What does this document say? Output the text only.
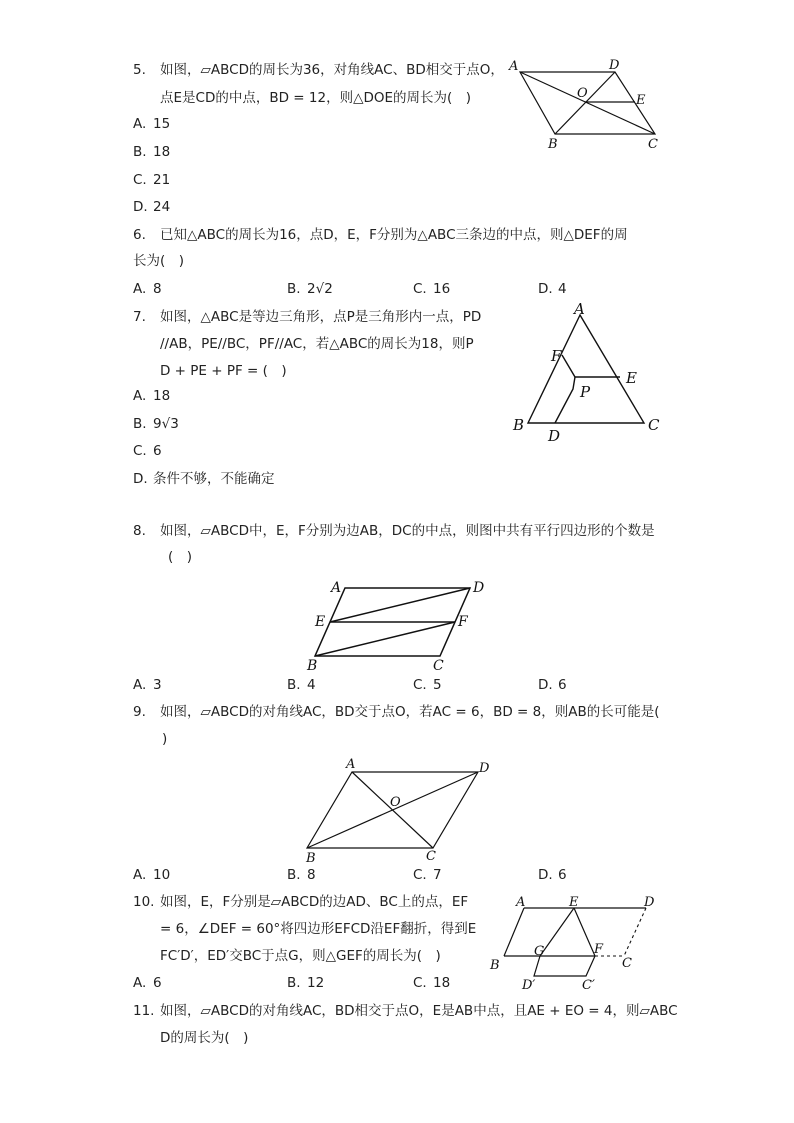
5. 如图，▱ABCD的周长为36，对角线AC、BD相交于点O，
点E是CD的中点，BD = 12，则△DOE的周长为(　)
A. 15
B. 18
C. 21
D. 24
A	D
O	E
B	C
6. 已知△ABC的周长为16，点D，E，F分别为△ABC三条边的中点，则△DEF的周
长为(　)
A. 8	B. 2√2	C. 16	D. 4
7. 如图，△ABC是等边三角形，点P是三角形内一点，PD
//AB，PE//BC，PF//AC，若△ABC的周长为18，则P
D + PE + PF = (　)
A. 18
B. 9√3
C. 6
D. 条件不够，不能确定
A
F
E
P
B	C
D
8. 如图，▱ABCD中，E，F分别为边AB，DC的中点，则图中共有平行四边形的个数是
(　)
A	D
E	F
B	C
A. 3	B. 4	C. 5	D. 6
9. 如图，▱ABCD的对角线AC，BD交于点O，若AC = 6，BD = 8，则AB的长可能是(
)
A	D
O
B	C
A. 10	B. 8	C. 7	D. 6
10. 如图，E，F分别是▱ABCD的边AD、BC上的点，EF
= 6，∠DEF = 60°将四边形EFCD沿EF翻折，得到E
FC′D′，ED′交BC于点G，则△GEF的周长为(　)
A. 6	B. 12	C. 18
A	E	D
G	F
B	C
D′	C′
11. 如图，▱ABCD的对角线AC，BD相交于点O，E是AB中点，且AE + EO = 4，则▱ABC
D的周长为(　)
